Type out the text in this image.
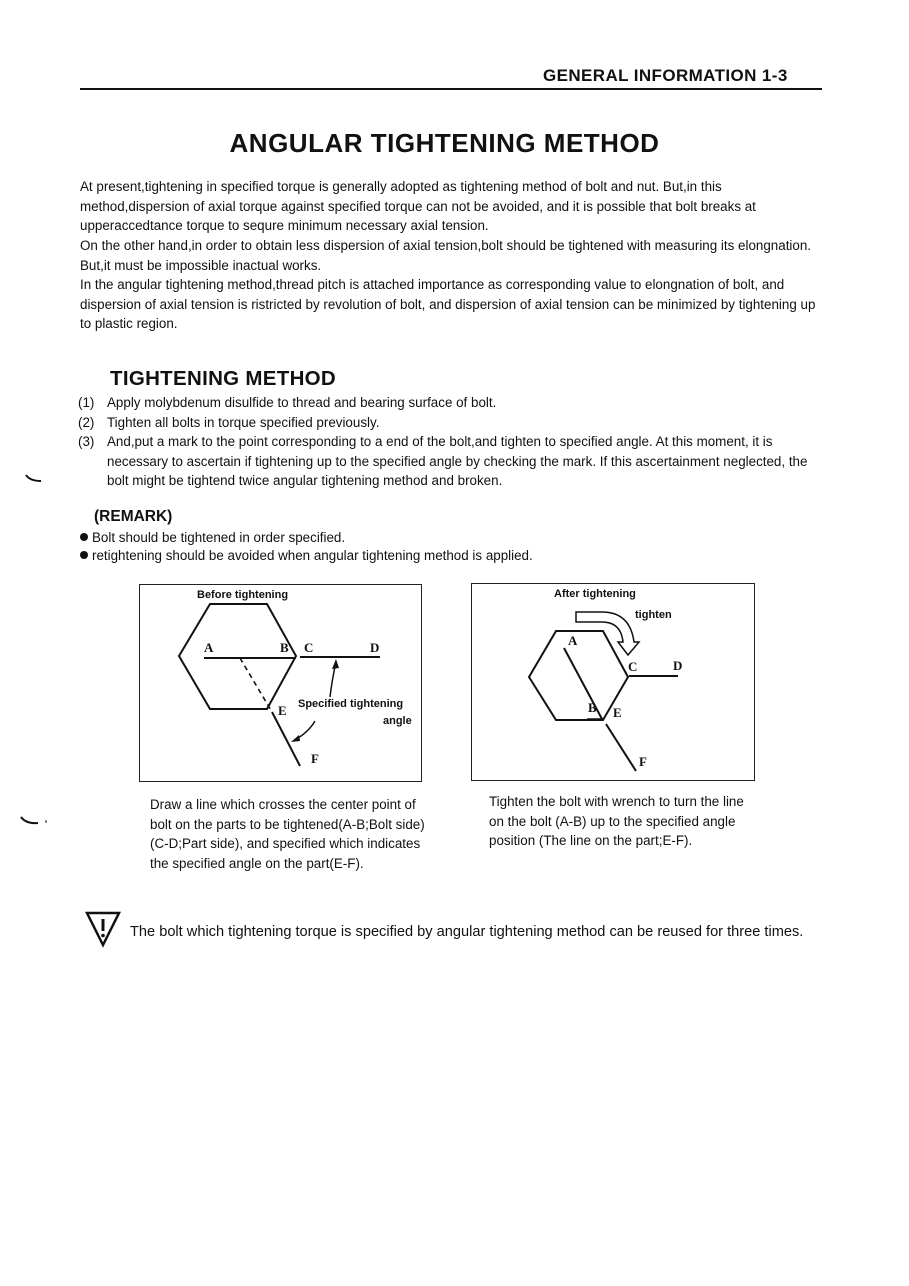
GENERAL INFORMATION 1-3
ANGULAR TIGHTENING METHOD
At present,tightening in specified torque is generally adopted as tightening method of bolt and nut. But,in this method,dispersion of axial torque against specified torque can not be avoided, and it is possible that bolt breaks at upperaccedtance torque to sequre minimum necessary axial tension.
On the other hand,in order to obtain less dispersion of axial tension,bolt should be tightened with measuring its elongnation. But,it must be impossible inactual works.
In the angular tightening method,thread pitch is attached importance as corresponding value to elongnation of bolt, and dispersion of axial tension is ristricted by revolution of bolt, and dispersion of axial tension can be minimized by tightening up to plastic region.
TIGHTENING METHOD
(1) Apply molybdenum disulfide to thread and bearing surface of bolt.
(2) Tighten all bolts in torque specified previously.
(3) And,put a mark to the point corresponding to a end of the bolt,and tighten to specified angle. At this moment, it is necessary to ascertain if tightening up to the specified angle by checking the mark. If this ascertainment neglected, the bolt might be tightend twice angular tightening method and broken.
(REMARK)
Bolt should be tightened in order specified.
retightening should be avoided when angular tightening method is applied.
Before tightening
A	B C	D
E
F
Specified tightening
angle
After tightening
tighten
A
B
C	D
E
F
Draw a line which crosses the center point of bolt on the parts to be tightened(A-B;Bolt side)(C-D;Part side), and specified which indicates the specified angle on the part(E-F).
Tighten the bolt with wrench to turn the line on the bolt (A-B) up to the specified angle position (The line on the part;E-F).
The bolt which tightening torque is specified by angular tightening method can be reused for three times.
